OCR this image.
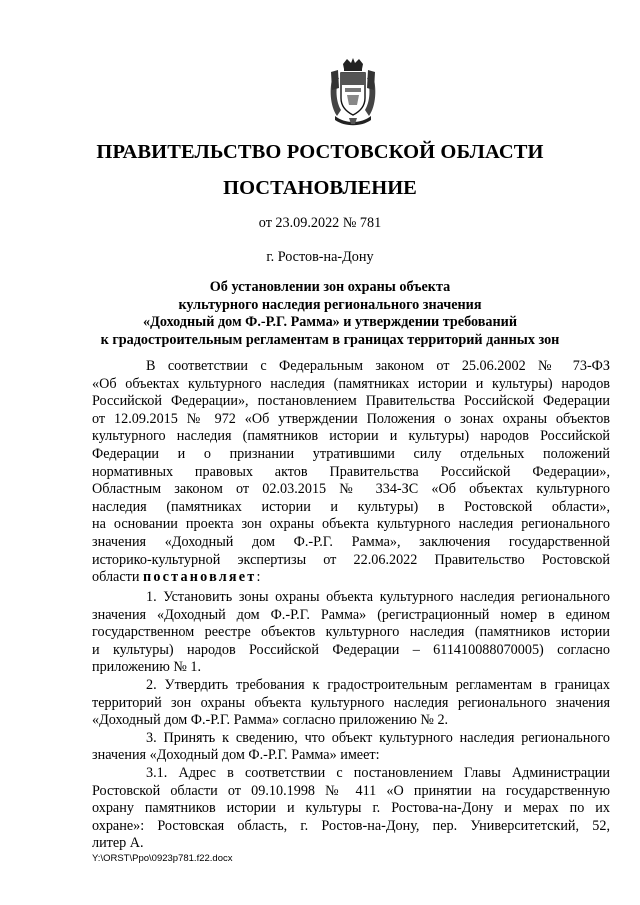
ПРАВИТЕЛЬСТВО РОСТОВСКОЙ ОБЛАСТИ
ПОСТАНОВЛЕНИЕ
от 23.09.2022 № 781
г. Ростов-на-Дону
Об установлении зон охраны объекта
культурного наследия регионального значения
«Доходный дом Ф.-Р.Г. Рамма» и утверждении требований
к градостроительным регламентам в границах территорий данных зон
В соответствии с Федеральным законом от 25.06.2002 № 73-ФЗ
«Об объектах культурного наследия (памятниках истории и культуры) народов
Российской Федерации», постановлением Правительства Российской Федерации
от 12.09.2015 № 972 «Об утверждении Положения о зонах охраны объектов
культурного наследия (памятников истории и культуры) народов Российской
Федерации и о признании утратившими силу отдельных положений
нормативных правовых актов Правительства Российской Федерации»,
Областным законом от 02.03.2015 № 334-ЗС «Об объектах культурного
наследия (памятниках истории и культуры) в Ростовской области»,
на основании проекта зон охраны объекта культурного наследия регионального
значения «Доходный дом Ф.-Р.Г. Рамма», заключения государственной
историко-культурной экспертизы от 22.06.2022 Правительство Ростовской
области постановляет:
1. Установить зоны охраны объекта культурного наследия регионального
значения «Доходный дом Ф.-Р.Г. Рамма» (регистрационный номер в едином
государственном реестре объектов культурного наследия (памятников истории
и культуры) народов Российской Федерации – 611410088070005) согласно
приложению № 1.
2. Утвердить требования к градостроительным регламентам в границах
территорий зон охраны объекта культурного наследия регионального значения
«Доходный дом Ф.-Р.Г. Рамма» согласно приложению № 2.
3. Принять к сведению, что объект культурного наследия регионального
значения «Доходный дом Ф.-Р.Г. Рамма» имеет:
3.1. Адрес в соответствии с постановлением Главы Администрации
Ростовской области от 09.10.1998 № 411 «О принятии на государственную
охрану памятников истории и культуры г. Ростова-на-Дону и мерах по их
охране»: Ростовская область, г. Ростов-на-Дону, пер. Университетский, 52,
литер А.
Y:\ORST\Ppo\0923p781.f22.docx
